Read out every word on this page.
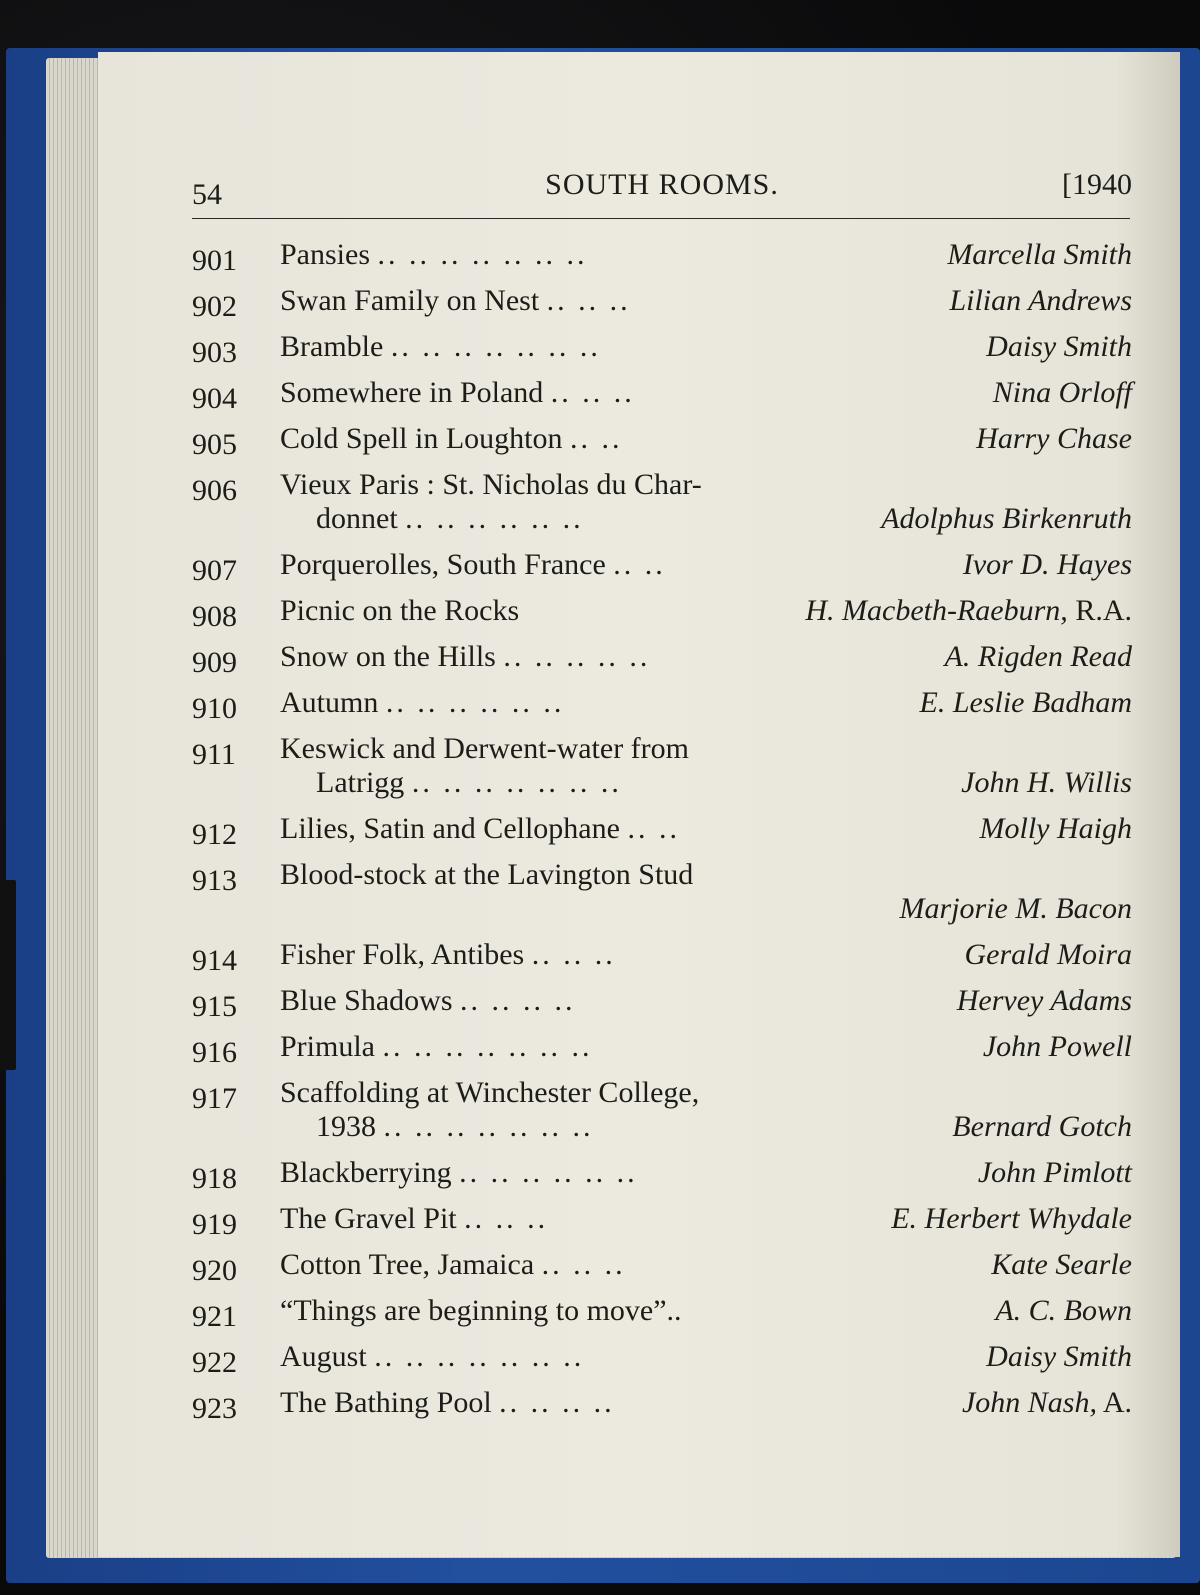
54	SOUTH ROOMS.	[1940
901 Pansies .. .. .. .. .. .. ..	Marcella Smith
902 Swan Family on Nest .. .. ..	Lilian Andrews
903 Bramble .. .. .. .. .. .. ..	Daisy Smith
904 Somewhere in Poland .. .. ..	Nina Orloff
905 Cold Spell in Loughton .. ..	Harry Chase
906 Vieux Paris : St. Nicholas du Char-
donnet .. .. .. .. .. ..	Adolphus Birkenruth
907 Porquerolles, South France .. ..	Ivor D. Hayes
908 Picnic on the Rocks	H. Macbeth-Raeburn, R.A.
909 Snow on the Hills .. .. .. .. ..	A. Rigden Read
910 Autumn .. .. .. .. .. ..	E. Leslie Badham
911 Keswick and Derwent-water from
Latrigg .. .. .. .. .. .. ..	John H. Willis
912 Lilies, Satin and Cellophane .. ..	Molly Haigh
913 Blood-stock at the Lavington Stud
Marjorie M. Bacon
914 Fisher Folk, Antibes .. .. ..	Gerald Moira
915 Blue Shadows .. .. .. ..	Hervey Adams
916 Primula .. .. .. .. .. .. ..	John Powell
917 Scaffolding at Winchester College,
1938 .. .. .. .. .. .. ..	Bernard Gotch
918 Blackberrying .. .. .. .. .. ..	John Pimlott
919 The Gravel Pit .. .. ..	E. Herbert Whydale
920 Cotton Tree, Jamaica .. .. ..	Kate Searle
921 “Things are beginning to move”..	A. C. Bown
922 August .. .. .. .. .. .. ..	Daisy Smith
923 The Bathing Pool .. .. .. ..	John Nash, A.
